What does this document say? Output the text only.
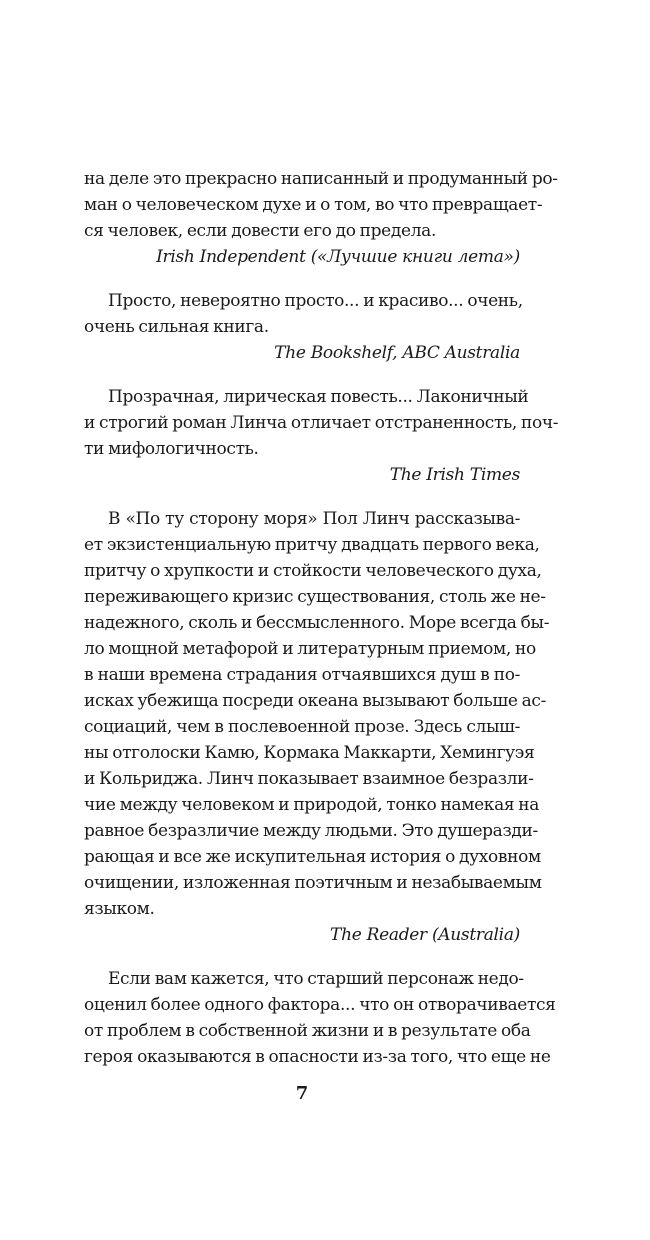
на деле это прекрасно написанный и продуманный ро-
ман о человеческом духе и о том, во что превращает-
ся человек, если довести его до предела.
Irish Independent («Лучшие книги лета»)
Просто, невероятно просто... и красиво... очень,
очень сильная книга.
The Bookshelf, ABC Australia
Прозрачная, лирическая повесть... Лаконичный
и строгий роман Линча отличает отстраненность, поч-
ти мифологичность.
The Irish Times
В «По ту сторону моря» Пол Линч рассказыва-
ет экзистенциальную притчу двадцать первого века,
притчу о хрупкости и стойкости человеческого духа,
переживающего кризис существования, столь же не-
надежного, сколь и бессмысленного. Море всегда бы-
ло мощной метафорой и литературным приемом, но
в наши времена страдания отчаявшихся душ в по-
исках убежища посреди океана вызывают больше ас-
социаций, чем в послевоенной прозе. Здесь слыш-
ны отголоски Камю, Кормака Маккарти, Хемингуэя
и Кольриджа. Линч показывает взаимное безразли-
чие между человеком и природой, тонко намекая на
равное безразличие между людьми. Это душеразди-
рающая и все же искупительная история о духовном
очищении, изложенная поэтичным и незабываемым
языком.
The Reader (Australia)
Если вам кажется, что старший персонаж недо-
оценил более одного фактора... что он отворачивается
от проблем в собственной жизни и в результате оба
героя оказываются в опасности из-за того, что еще не
7
